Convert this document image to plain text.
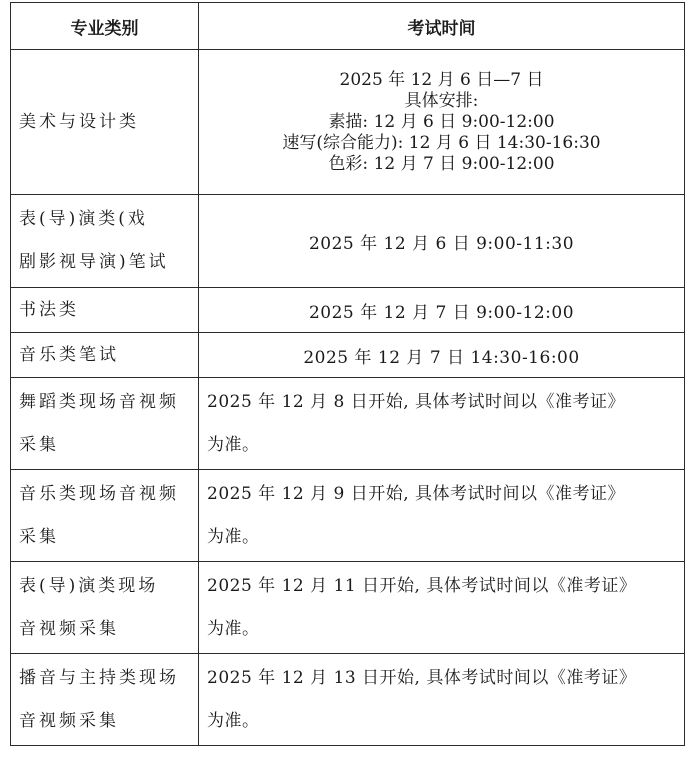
专业类别	考试时间

美术与设计类	2025 年 12 月 6 日—7 日
具体安排:
素描: 12 月 6 日 9:00-12:00
速写(综合能力): 12 月 6 日 14:30-16:30
色彩: 12 月 7 日 9:00-12:00

表(导)演类(戏
剧影视导演)笔试	2025 年 12 月 6 日 9:00-11:30

书法类	2025 年 12 月 7 日 9:00-12:00

音乐类笔试	2025 年 12 月 7 日 14:30-16:00

舞蹈类现场音视频
采集	2025 年 12 月 8 日开始, 具体考试时间以《准考证》
为准。

音乐类现场音视频
采集	2025 年 12 月 9 日开始, 具体考试时间以《准考证》
为准。

表(导)演类现场
音视频采集	2025 年 12 月 11 日开始, 具体考试时间以《准考证》
为准。

播音与主持类现场
音视频采集	2025 年 12 月 13 日开始, 具体考试时间以《准考证》
为准。
